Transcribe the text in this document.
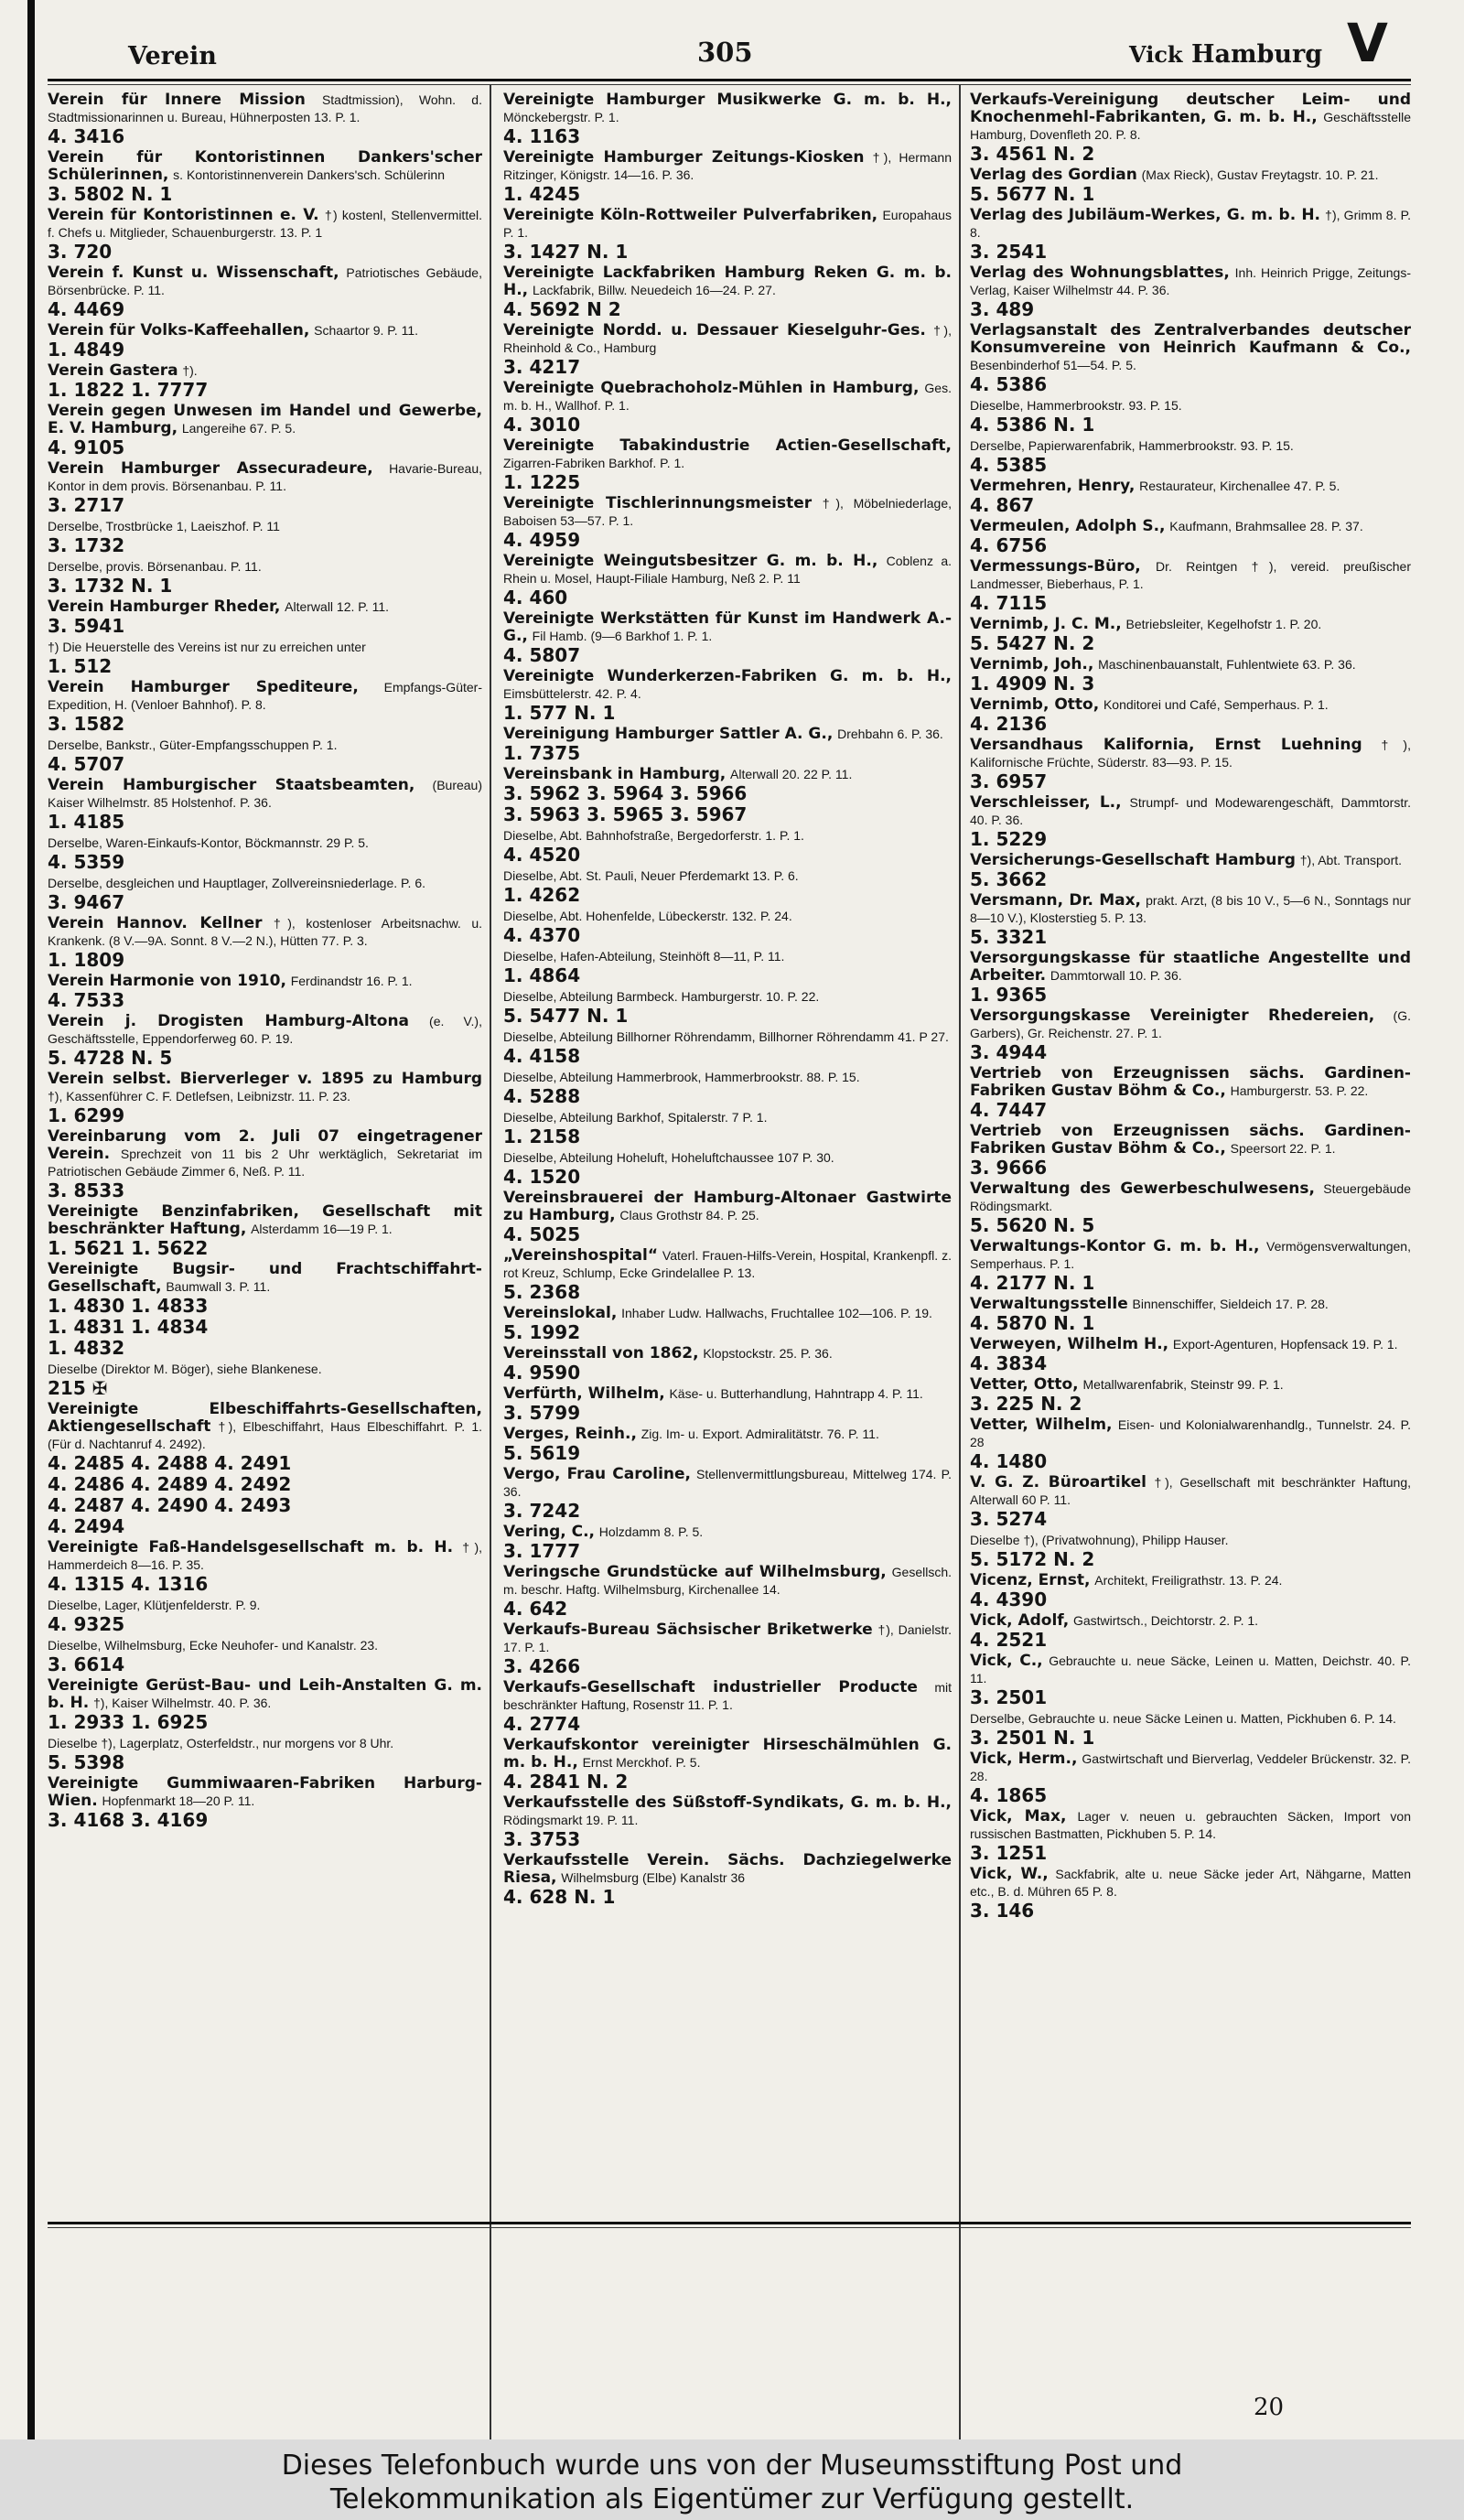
Verein	305	Vick Hamburg V
Verein für Innere Mission Stadtmission), Wohn. d. Stadtmissionarinnen u. Bureau, Hühnerposten 13. P. 1.
4. 3416
Verein für Kontoristinnen Dankers'scher Schülerinnen, s. Kontoristinnenverein Dankers'sch. Schülerinn
3. 5802 N. 1
Verein für Kontoristinnen e. V. †) kostenl, Stellenvermittel. f. Chefs u. Mitglieder, Schauenburgerstr. 13. P. 1
3. 720
Verein f. Kunst u. Wissenschaft, Patriotisches Gebäude, Börsenbrücke. P. 11.
4. 4469
Verein für Volks-Kaffeehallen, Schaartor 9. P. 11.
1. 4849
Verein Gastera †).
1. 1822 1. 7777
Verein gegen Unwesen im Handel und Gewerbe, E. V. Hamburg, Langereihe 67. P. 5.
4. 9105
Verein Hamburger Assecuradeure, Havarie-Bureau, Kontor in dem provis. Börsenanbau. P. 11.
3. 2717
Derselbe, Trostbrücke 1, Laeiszhof. P. 11
3. 1732
Derselbe, provis. Börsenanbau. P. 11.
3. 1732 N. 1
Verein Hamburger Rheder, Alterwall 12. P. 11.
3. 5941
†) Die Heuerstelle des Vereins ist nur zu erreichen unter
1. 512
Verein Hamburger Spediteure, Empfangs-Güter-Expedition, H. (Venloer Bahnhof). P. 8.
3. 1582
Derselbe, Bankstr., Güter-Empfangsschuppen P. 1.
4. 5707
Verein Hamburgischer Staatsbeamten, (Bureau) Kaiser Wilhelmstr. 85 Holstenhof. P. 36.
1. 4185
Derselbe, Waren-Einkaufs-Kontor, Böckmannstr. 29 P. 5.
4. 5359
Derselbe, desgleichen und Hauptlager, Zollvereinsniederlage. P. 6.
3. 9467
Verein Hannov. Kellner †), kostenloser Arbeitsnachw. u. Krankenk. (8 V.—9A. Sonnt. 8 V.—2 N.), Hütten 77. P. 3.
1. 1809
Verein Harmonie von 1910, Ferdinandstr 16. P. 1.
4. 7533
Verein j. Drogisten Hamburg-Altona (e. V.), Geschäftsstelle, Eppendorferweg 60. P. 19.
5. 4728 N. 5
Verein selbst. Bierverleger v. 1895 zu Hamburg †), Kassenführer C. F. Detlefsen, Leibnizstr. 11. P. 23.
1. 6299
Vereinbarung vom 2. Juli 07 eingetragener Verein. Sprechzeit von 11 bis 2 Uhr werktäglich, Sekretariat im Patriotischen Gebäude Zimmer 6, Neß. P. 11.
3. 8533
Vereinigte Benzinfabriken, Gesellschaft mit beschränkter Haftung, Alsterdamm 16—19 P. 1.
1. 5621 1. 5622
Vereinigte Bugsir- und Frachtschiffahrt-Gesellschaft, Baumwall 3. P. 11.
1. 4830 1. 4833
1. 4831 1. 4834
1. 4832
Dieselbe (Direktor M. Böger), siehe Blankenese.
215 ✠
Vereinigte Elbeschiffahrts-Gesellschaften, Aktiengesellschaft †), Elbeschiffahrt, Haus Elbeschiffahrt. P. 1. (Für d. Nachtanruf 4. 2492).
4. 2485 4. 2488 4. 2491
4. 2486 4. 2489 4. 2492
4. 2487 4. 2490 4. 2493
4. 2494
Vereinigte Faß-Handelsgesellschaft m. b. H. †), Hammerdeich 8—16. P. 35.
4. 1315 4. 1316
Dieselbe, Lager, Klütjenfelderstr. P. 9.
4. 9325
Dieselbe, Wilhelmsburg, Ecke Neuhofer- und Kanalstr. 23.
3. 6614
Vereinigte Gerüst-Bau- und Leih-Anstalten G. m. b. H. †), Kaiser Wilhelmstr. 40. P. 36.
1. 2933 1. 6925
Dieselbe †), Lagerplatz, Osterfeldstr., nur morgens vor 8 Uhr.
5. 5398
Vereinigte Gummiwaaren-Fabriken Harburg-Wien. Hopfenmarkt 18—20 P. 11.
3. 4168 3. 4169
Vereinigte Hamburger Musikwerke G. m. b. H., Mönckebergstr. P. 1.
4. 1163
Vereinigte Hamburger Zeitungs-Kiosken †), Hermann Ritzinger, Königstr. 14—16. P. 36.
1. 4245
Vereinigte Köln-Rottweiler Pulverfabriken, Europahaus P. 1.
3. 1427 N. 1
Vereinigte Lackfabriken Hamburg Reken G. m. b. H., Lackfabrik, Billw. Neuedeich 16—24. P. 27.
4. 5692 N 2
Vereinigte Nordd. u. Dessauer Kieselguhr-Ges. †), Rheinhold & Co., Hamburg
3. 4217
Vereinigte Quebrachoholz-Mühlen in Hamburg, Ges. m. b. H., Wallhof. P. 1.
4. 3010
Vereinigte Tabakindustrie Actien-Gesellschaft, Zigarren-Fabriken Barkhof. P. 1.
1. 1225
Vereinigte Tischlerinnungsmeister †), Möbelniederlage, Baboisen 53—57. P. 1.
4. 4959
Vereinigte Weingutsbesitzer G. m. b. H., Coblenz a. Rhein u. Mosel, Haupt-Filiale Hamburg, Neß 2. P. 11
4. 460
Vereinigte Werkstätten für Kunst im Handwerk A.-G., Fil Hamb. (9—6 Barkhof 1. P. 1.
4. 5807
Vereinigte Wunderkerzen-Fabriken G. m. b. H., Eimsbüttelerstr. 42. P. 4.
1. 577 N. 1
Vereinigung Hamburger Sattler A. G., Drehbahn 6. P. 36.
1. 7375
Vereinsbank in Hamburg, Alterwall 20. 22 P. 11.
3. 5962 3. 5964 3. 5966
3. 5963 3. 5965 3. 5967
Dieselbe, Abt. Bahnhofstraße, Bergedorferstr. 1. P. 1.
4. 4520
Dieselbe, Abt. St. Pauli, Neuer Pferdemarkt 13. P. 6.
1. 4262
Dieselbe, Abt. Hohenfelde, Lübeckerstr. 132. P. 24.
4. 4370
Dieselbe, Hafen-Abteilung, Steinhöft 8—11, P. 11.
1. 4864
Dieselbe, Abteilung Barmbeck. Hamburgerstr. 10. P. 22.
5. 5477 N. 1
Dieselbe, Abteilung Billhorner Röhrendamm, Billhorner Röhrendamm 41. P 27.
4. 4158
Dieselbe, Abteilung Hammerbrook, Hammerbrookstr. 88. P. 15.
4. 5288
Dieselbe, Abteilung Barkhof, Spitalerstr. 7 P. 1.
1. 2158
Dieselbe, Abteilung Hoheluft, Hoheluftchaussee 107 P. 30.
4. 1520
Vereinsbrauerei der Hamburg-Altonaer Gastwirte zu Hamburg, Claus Grothstr 84. P. 25.
4. 5025
„Vereinshospital“ Vaterl. Frauen-Hilfs-Verein, Hospital, Krankenpfl. z. rot Kreuz, Schlump, Ecke Grindelallee P. 13.
5. 2368
Vereinslokal, Inhaber Ludw. Hallwachs, Fruchtallee 102—106. P. 19.
5. 1992
Vereinsstall von 1862, Klopstockstr. 25. P. 36.
4. 9590
Verfürth, Wilhelm, Käse- u. Butterhandlung, Hahntrapp 4. P. 11.
3. 5799
Verges, Reinh., Zig. Im- u. Export. Admiralitätstr. 76. P. 11.
5. 5619
Vergo, Frau Caroline, Stellenvermittlungsbureau, Mittelweg 174. P. 36.
3. 7242
Vering, C., Holzdamm 8. P. 5.
3. 1777
Veringsche Grundstücke auf Wilhelmsburg, Gesellsch. m. beschr. Haftg. Wilhelmsburg, Kirchenallee 14.
4. 642
Verkaufs-Bureau Sächsischer Briketwerke †), Danielstr. 17. P. 1.
3. 4266
Verkaufs-Gesellschaft industrieller Producte mit beschränkter Haftung, Rosenstr 11. P. 1.
4. 2774
Verkaufskontor vereinigter Hirseschälmühlen G. m. b. H., Ernst Merckhof. P. 5.
4. 2841 N. 2
Verkaufsstelle des Süßstoff-Syndikats, G. m. b. H., Rödingsmarkt 19. P. 11.
3. 3753
Verkaufsstelle Verein. Sächs. Dachziegelwerke Riesa, Wilhelmsburg (Elbe) Kanalstr 36
4. 628 N. 1
Verkaufs-Vereinigung deutscher Leim- und Knochenmehl-Fabrikanten, G. m. b. H., Geschäftsstelle Hamburg, Dovenfleth 20. P. 8.
3. 4561 N. 2
Verlag des Gordian (Max Rieck), Gustav Freytagstr. 10. P. 21.
5. 5677 N. 1
Verlag des Jubiläum-Werkes, G. m. b. H. †), Grimm 8. P. 8.
3. 2541
Verlag des Wohnungsblattes, Inh. Heinrich Prigge, Zeitungs-Verlag, Kaiser Wilhelmstr 44. P. 36.
3. 489
Verlagsanstalt des Zentralverbandes deutscher Konsumvereine von Heinrich Kaufmann & Co., Besenbinderhof 51—54. P. 5.
4. 5386
Dieselbe, Hammerbrookstr. 93. P. 15.
4. 5386 N. 1
Derselbe, Papierwarenfabrik, Hammerbrookstr. 93. P. 15.
4. 5385
Vermehren, Henry, Restaurateur, Kirchenallee 47. P. 5.
4. 867
Vermeulen, Adolph S., Kaufmann, Brahmsallee 28. P. 37.
4. 6756
Vermessungs-Büro, Dr. Reintgen †), vereid. preußischer Landmesser, Bieberhaus, P. 1.
4. 7115
Vernimb, J. C. M., Betriebsleiter, Kegelhofstr 1. P. 20.
5. 5427 N. 2
Vernimb, Joh., Maschinenbauanstalt, Fuhlentwiete 63. P. 36.
1. 4909 N. 3
Vernimb, Otto, Konditorei und Café, Semperhaus. P. 1.
4. 2136
Versandhaus Kalifornia, Ernst Luehning †), Kalifornische Früchte, Süderstr. 83—93. P. 15.
3. 6957
Verschleisser, L., Strumpf- und Modewarengeschäft, Dammtorstr. 40. P. 36.
1. 5229
Versicherungs-Gesellschaft Hamburg †), Abt. Transport.
5. 3662
Versmann, Dr. Max, prakt. Arzt, (8 bis 10 V., 5—6 N., Sonntags nur 8—10 V.), Klosterstieg 5. P. 13.
5. 3321
Versorgungskasse für staatliche Angestellte und Arbeiter. Dammtorwall 10. P. 36.
1. 9365
Versorgungskasse Vereinigter Rhedereien, (G. Garbers), Gr. Reichenstr. 27. P. 1.
3. 4944
Vertrieb von Erzeugnissen sächs. Gardinen-Fabriken Gustav Böhm & Co., Hamburgerstr. 53. P. 22.
4. 7447
Vertrieb von Erzeugnissen sächs. Gardinen-Fabriken Gustav Böhm & Co., Speersort 22. P. 1.
3. 9666
Verwaltung des Gewerbeschulwesens, Steuergebäude Rödingsmarkt.
5. 5620 N. 5
Verwaltungs-Kontor G. m. b. H., Vermögensverwaltungen, Semperhaus. P. 1.
4. 2177 N. 1
Verwaltungsstelle Binnenschiffer, Sieldeich 17. P. 28.
4. 5870 N. 1
Verweyen, Wilhelm H., Export-Agenturen, Hopfensack 19. P. 1.
4. 3834
Vetter, Otto, Metallwarenfabrik, Steinstr 99. P. 1.
3. 225 N. 2
Vetter, Wilhelm, Eisen- und Kolonialwarenhandlg., Tunnelstr. 24. P. 28
4. 1480
V. G. Z. Büroartikel †), Gesellschaft mit beschränkter Haftung, Alterwall 60 P. 11.
3. 5274
Dieselbe †), (Privatwohnung), Philipp Hauser.
5. 5172 N. 2
Vicenz, Ernst, Architekt, Freiligrathstr. 13. P. 24.
4. 4390
Vick, Adolf, Gastwirtsch., Deichtorstr. 2. P. 1.
4. 2521
Vick, C., Gebrauchte u. neue Säcke, Leinen u. Matten, Deichstr. 40. P. 11.
3. 2501
Derselbe, Gebrauchte u. neue Säcke Leinen u. Matten, Pickhuben 6. P. 14.
3. 2501 N. 1
Vick, Herm., Gastwirtschaft und Bierverlag, Veddeler Brückenstr. 32. P. 28.
4. 1865
Vick, Max, Lager v. neuen u. gebrauchten Säcken, Import von russischen Bastmatten, Pickhuben 5. P. 14.
3. 1251
Vick, W., Sackfabrik, alte u. neue Säcke jeder Art, Nähgarne, Matten etc., B. d. Mühren 65 P. 8.
3. 146
20
Dieses Telefonbuch wurde uns von der Museumsstiftung Post und
Telekommunikation als Eigentümer zur Verfügung gestellt.
